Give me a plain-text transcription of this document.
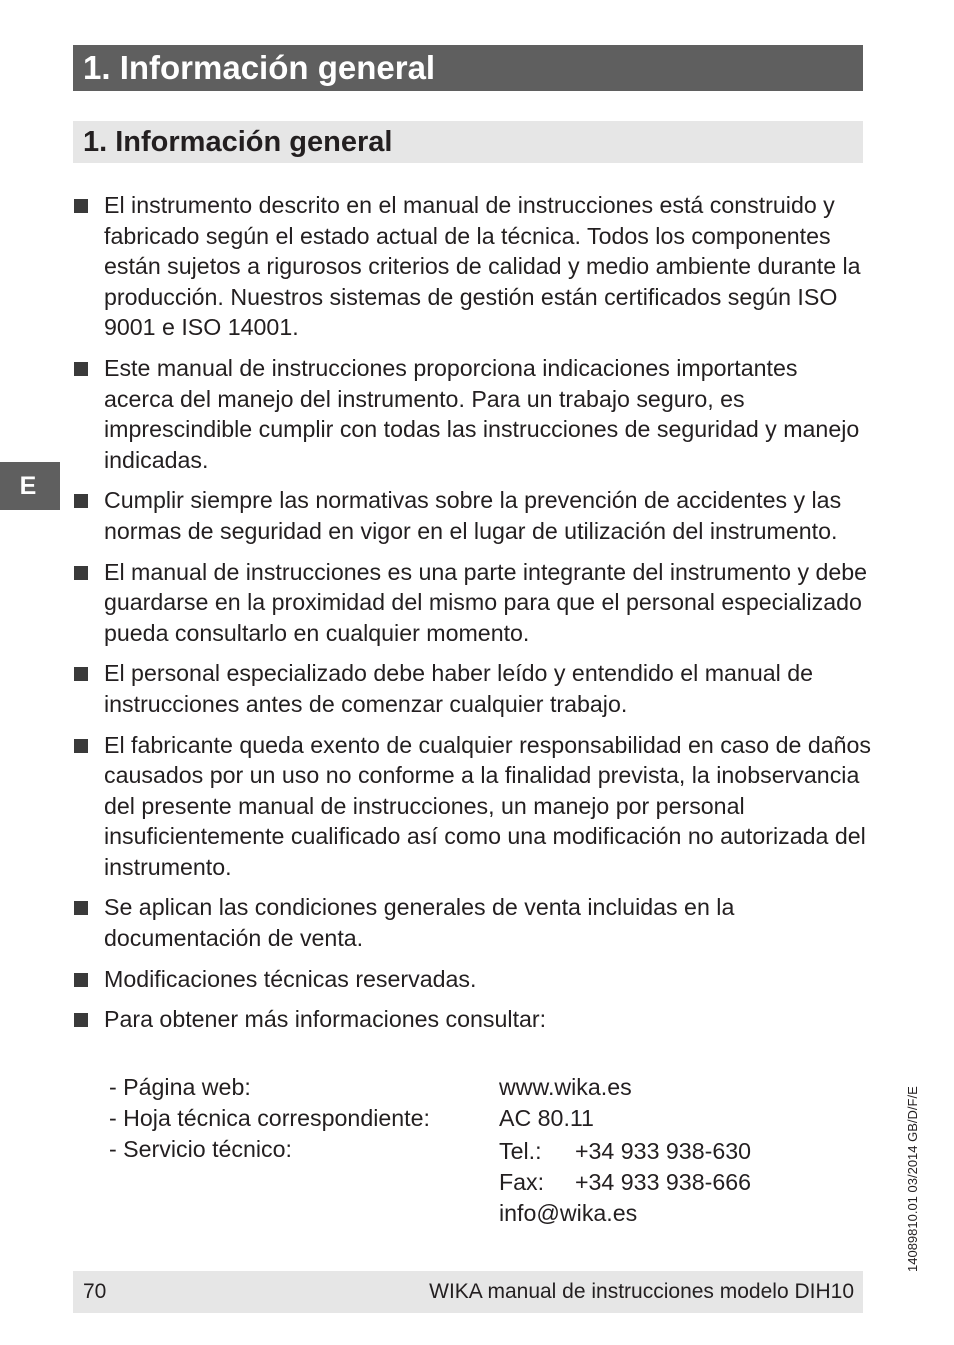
1. Información general
1. Información general
E
El instrumento descrito en el manual de instrucciones está construido y fabricado según el estado actual de la técnica. Todos los componentes están sujetos a rigurosos criterios de calidad y medio ambiente durante la producción. Nuestros sistemas de gestión están certificados según ISO 9001 e ISO 14001.
Este manual de instrucciones proporciona indicaciones importantes acerca del manejo del instrumento. Para un trabajo seguro, es imprescindible cumplir con todas las instrucciones de seguridad y manejo indicadas.
Cumplir siempre las normativas sobre la prevención de accidentes y las normas de seguridad en vigor en el lugar de utilización del instrumento.
El manual de instrucciones es una parte integrante del instrumento y debe guardarse en la proximidad del mismo para que el personal especializado pueda consultarlo en cualquier momento.
El personal especializado debe haber leído y entendido el manual de instrucciones antes de comenzar cualquier trabajo.
El fabricante queda exento de cualquier responsabilidad en caso de daños causados por un uso no conforme a la finalidad prevista, la inobservancia del presente manual de instrucciones, un manejo por personal insuficientemente cualificado así como una modificación no autorizada del instrumento.
Se aplican las condiciones generales de venta incluidas en la documentación de venta.
Modificaciones técnicas reservadas.
Para obtener más informaciones consultar:
- Página web:	www.wika.es
- Hoja técnica correspondiente:	AC 80.11
- Servicio técnico:	Tel.: +34 933 938-630
Fax: +34 933 938-666
info@wika.es	14089810.01 03/2014 GB/D/F/E
70	WIKA manual de instrucciones modelo DIH10
